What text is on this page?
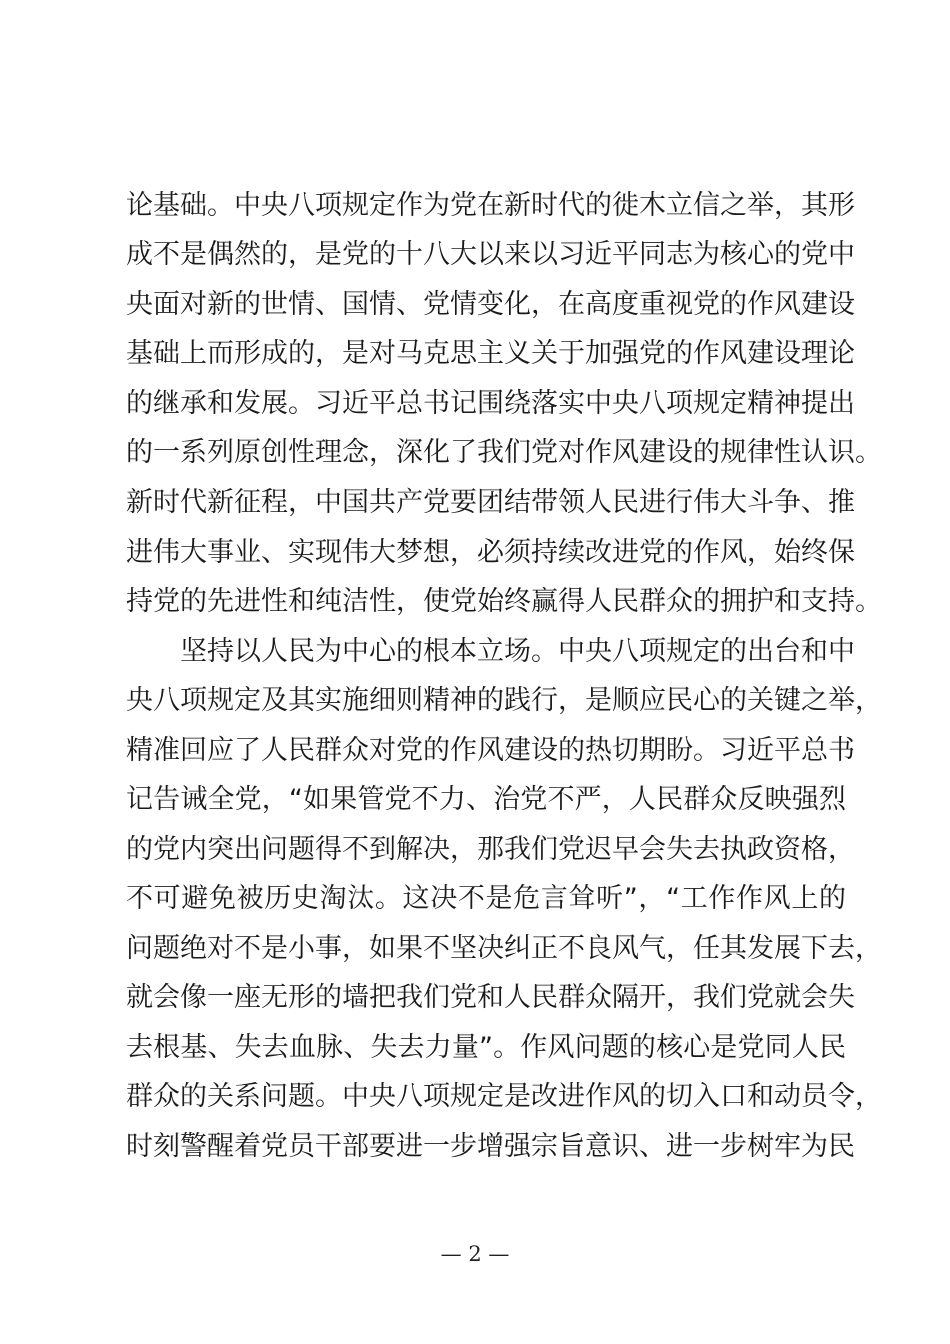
论基础。中央八项规定作为党在新时代的徙木立信之举，其形
成不是偶然的，是党的十八大以来以习近平同志为核心的党中
央面对新的世情、国情、党情变化，在高度重视党的作风建设
基础上而形成的，是对马克思主义关于加强党的作风建设理论
的继承和发展。习近平总书记围绕落实中央八项规定精神提出
的一系列原创性理念，深化了我们党对作风建设的规律性认识。
新时代新征程，中国共产党要团结带领人民进行伟大斗争、推
进伟大事业、实现伟大梦想，必须持续改进党的作风，始终保
持党的先进性和纯洁性，使党始终赢得人民群众的拥护和支持。
坚持以人民为中心的根本立场。中央八项规定的出台和中
央八项规定及其实施细则精神的践行，是顺应民心的关键之举，
精准回应了人民群众对党的作风建设的热切期盼。习近平总书
记告诫全党，“如果管党不力、治党不严，人民群众反映强烈
的党内突出问题得不到解决，那我们党迟早会失去执政资格，
不可避免被历史淘汰。这决不是危言耸听”，“工作作风上的
问题绝对不是小事，如果不坚决纠正不良风气，任其发展下去，
就会像一座无形的墙把我们党和人民群众隔开，我们党就会失
去根基、失去血脉、失去力量”。作风问题的核心是党同人民
群众的关系问题。中央八项规定是改进作风的切入口和动员令，
时刻警醒着党员干部要进一步增强宗旨意识、进一步树牢为民
— 2 —
